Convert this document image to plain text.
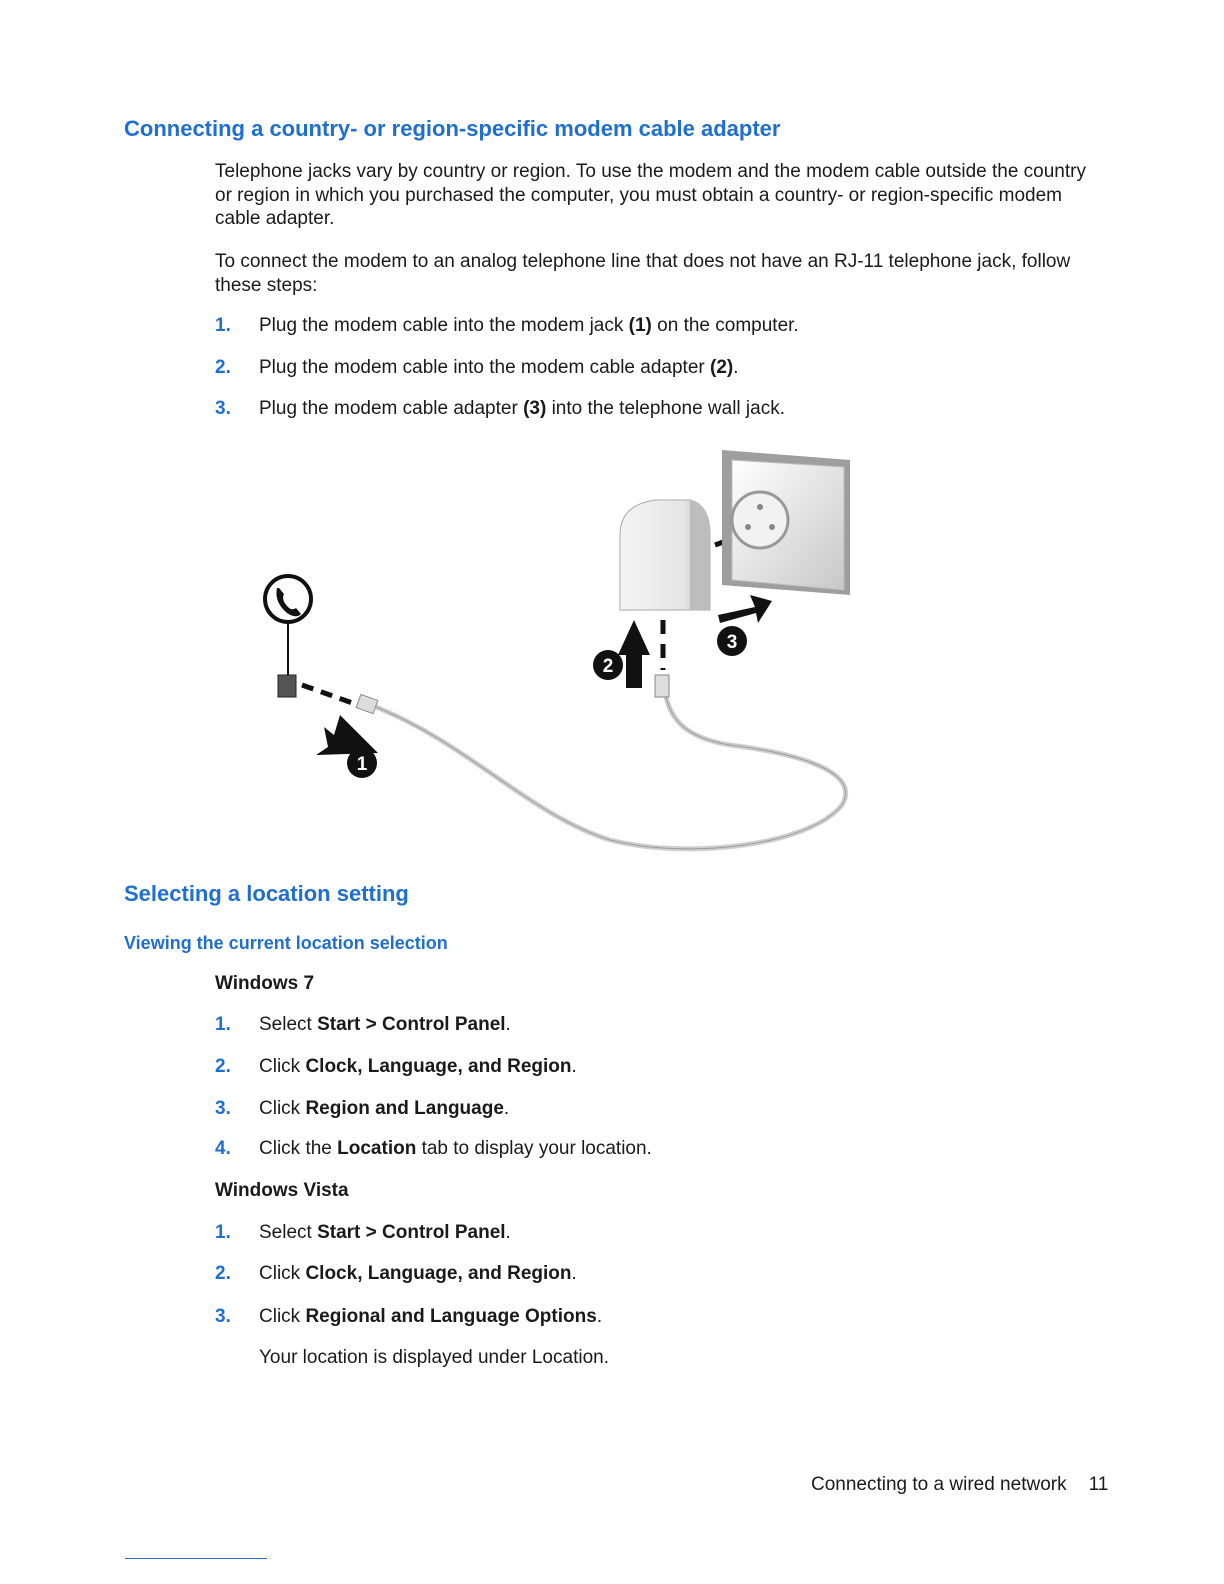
Connecting a country- or region-specific modem cable adapter

Telephone jacks vary by country or region. To use the modem and the modem cable outside the country or region in which you purchased the computer, you must obtain a country- or region-specific modem cable adapter.

To connect the modem to an analog telephone line that does not have an RJ-11 telephone jack, follow these steps:

1. Plug the modem cable into the modem jack (1) on the computer.
2. Plug the modem cable into the modem cable adapter (2).
3. Plug the modem cable adapter (3) into the telephone wall jack.
1
2
3
Selecting a location setting
Viewing the current location selection
Windows 7
1. Select Start > Control Panel.
2. Click Clock, Language, and Region.
3. Click Region and Language.
4. Click the Location tab to display your location.
Windows Vista
1. Select Start > Control Panel.
2. Click Clock, Language, and Region.
3. Click Regional and Language Options.
Your location is displayed under Location.
Connecting to a wired network 11
